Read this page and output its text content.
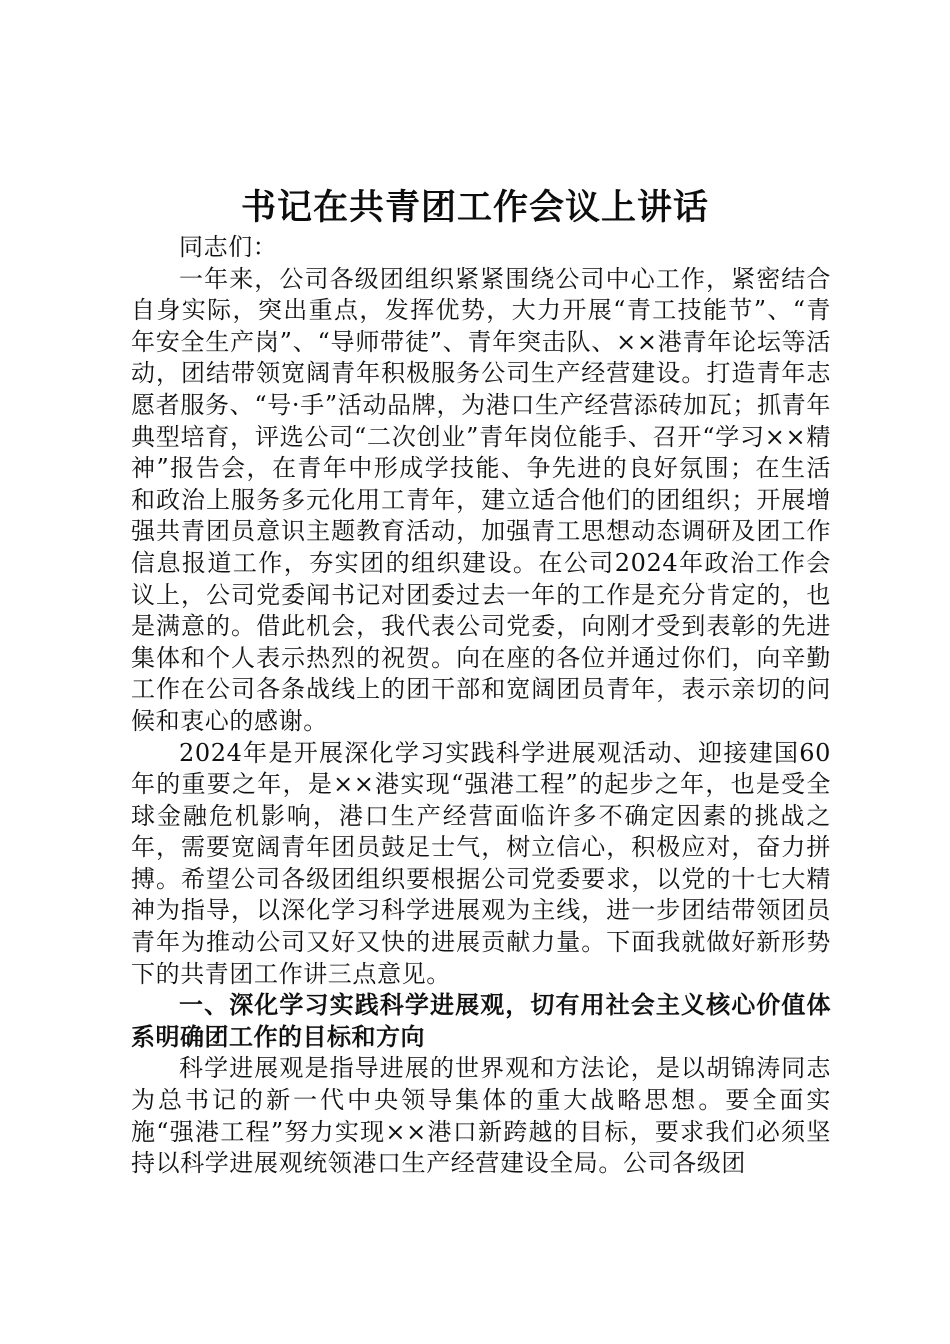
书记在共青团工作会议上讲话

同志们：

一年来，公司各级团组织紧紧围绕公司中心工作，紧密结合自身实际，突出重点，发挥优势，大力开展“青工技能节”、“青年安全生产岗”、“导师带徒”、青年突击队、××港青年论坛等活动，团结带领宽阔青年积极服务公司生产经营建设。打造青年志愿者服务、“号·手”活动品牌，为港口生产经营添砖加瓦；抓青年典型培育，评选公司“二次创业”青年岗位能手、召开“学习××精神”报告会，在青年中形成学技能、争先进的良好氛围；在生活和政治上服务多元化用工青年，建立适合他们的团组织；开展增强共青团员意识主题教育活动，加强青工思想动态调研及团工作信息报道工作，夯实团的组织建设。在公司2024年政治工作会议上，公司党委闻书记对团委过去一年的工作是充分肯定的，也是满意的。借此机会，我代表公司党委，向刚才受到表彰的先进集体和个人表示热烈的祝贺。向在座的各位并通过你们，向辛勤工作在公司各条战线上的团干部和宽阔团员青年，表示亲切的问候和衷心的感谢。

2024年是开展深化学习实践科学进展观活动、迎接建国60年的重要之年，是××港实现“强港工程”的起步之年，也是受全球金融危机影响，港口生产经营面临许多不确定因素的挑战之年，需要宽阔青年团员鼓足士气，树立信心，积极应对，奋力拼搏。希望公司各级团组织要根据公司党委要求，以党的十七大精神为指导，以深化学习科学进展观为主线，进一步团结带领团员青年为推动公司又好又快的进展贡献力量。下面我就做好新形势下的共青团工作讲三点意见。

一、深化学习实践科学进展观，切有用社会主义核心价值体系明确团工作的目标和方向

科学进展观是指导进展的世界观和方法论，是以胡锦涛同志为总书记的新一代中央领导集体的重大战略思想。要全面实施“强港工程”努力实现××港口新跨越的目标，要求我们必须坚持以科学进展观统领港口生产经营建设全局。公司各级团
